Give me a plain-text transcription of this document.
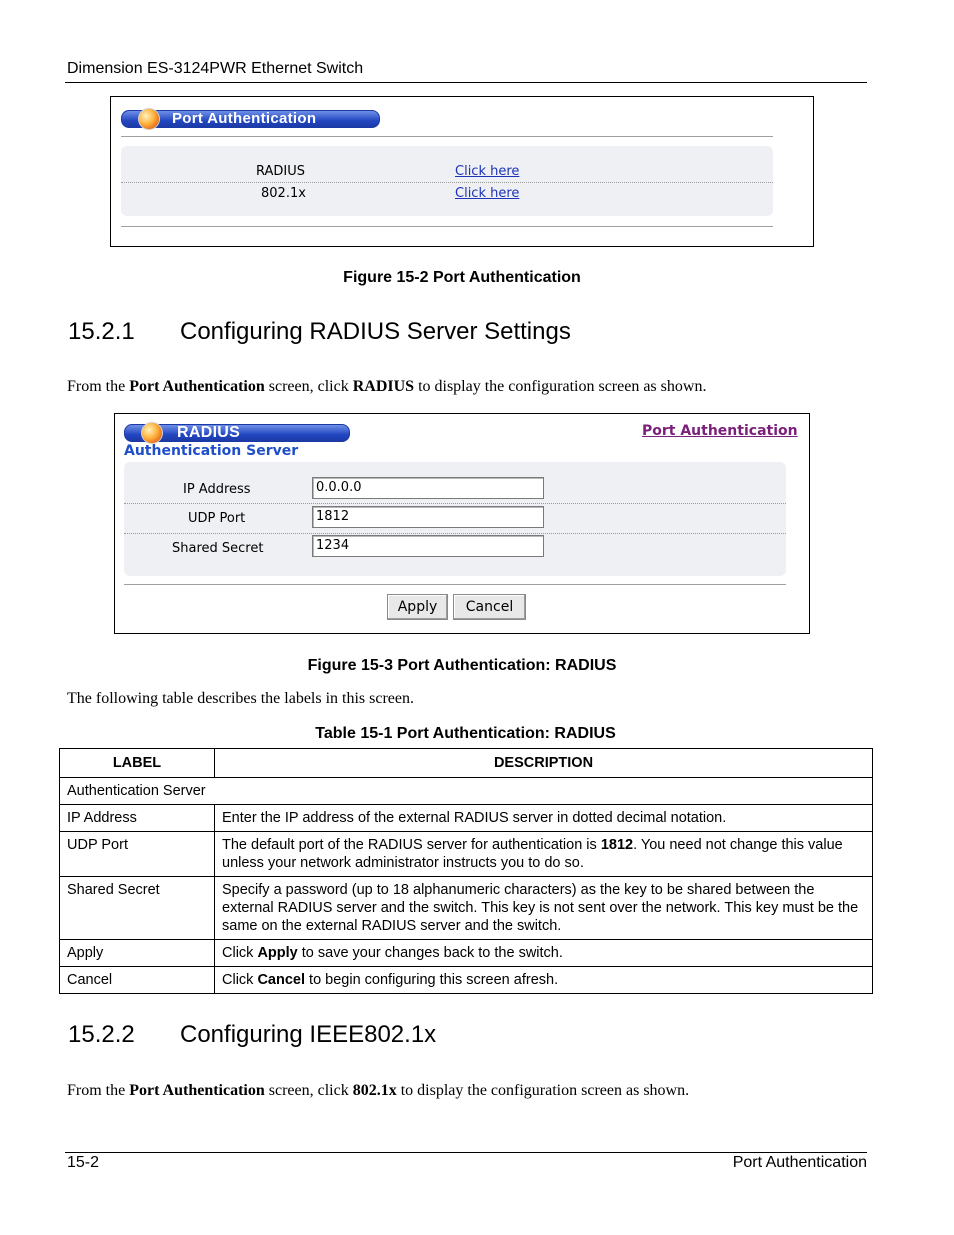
Dimension ES-3124PWR Ethernet Switch
Port Authentication
RADIUS	Click here
802.1x	Click here
Figure 15-2 Port Authentication
15.2.1 Configuring RADIUS Server Settings
From the Port Authentication screen, click RADIUS to display the configuration screen as shown.
RADIUS	Port Authentication
Authentication Server
IP Address	0.0.0.0
UDP Port	1812
Shared Secret	1234
Apply	Cancel
Figure 15-3 Port Authentication: RADIUS
The following table describes the labels in this screen.
Table 15-1 Port Authentication: RADIUS
LABEL	DESCRIPTION
Authentication Server	
IP Address	Enter the IP address of the external RADIUS server in dotted decimal notation.
UDP Port	The default port of the RADIUS server for authentication is 1812. You need not change this value unless your network administrator instructs you to do so.
Shared Secret	Specify a password (up to 18 alphanumeric characters) as the key to be shared between the external RADIUS server and the switch. This key is not sent over the network. This key must be the same on the external RADIUS server and the switch.
Apply	Click Apply to save your changes back to the switch.
Cancel	Click Cancel to begin configuring this screen afresh.
15.2.2 Configuring IEEE802.1x
From the Port Authentication screen, click 802.1x to display the configuration screen as shown.
15-2	Port Authentication
